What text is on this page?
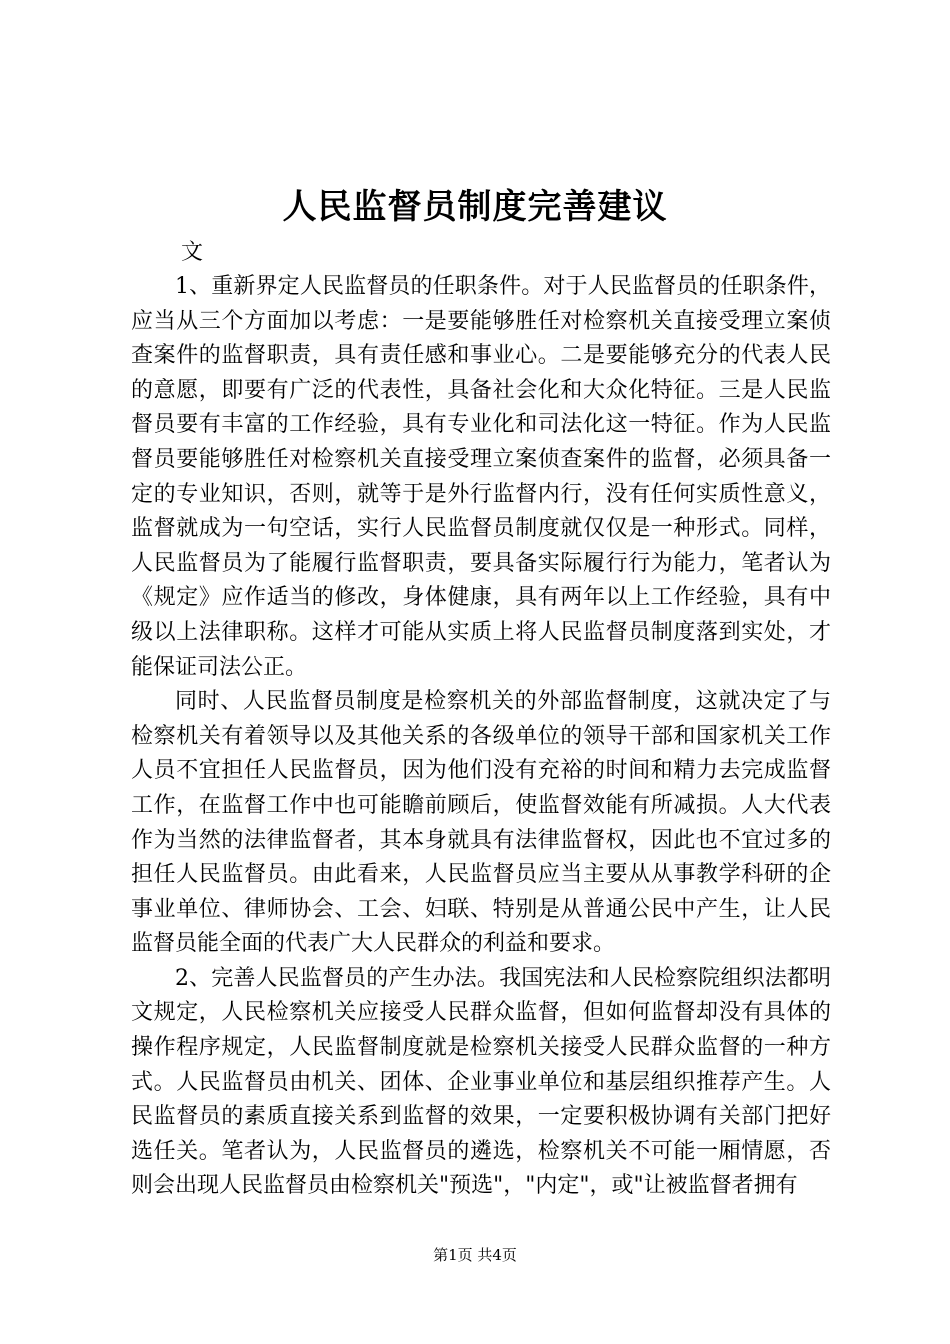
人民监督员制度完善建议
文

1、重新界定人民监督员的任职条件。对于人民监督员的任职条件，应当从三个方面加以考虑：一是要能够胜任对检察机关直接受理立案侦查案件的监督职责，具有责任感和事业心。二是要能够充分的代表人民的意愿，即要有广泛的代表性，具备社会化和大众化特征。三是人民监督员要有丰富的工作经验，具有专业化和司法化这一特征。作为人民监督员要能够胜任对检察机关直接受理立案侦查案件的监督，必须具备一定的专业知识，否则，就等于是外行监督内行，没有任何实质性意义，监督就成为一句空话，实行人民监督员制度就仅仅是一种形式。同样，人民监督员为了能履行监督职责，要具备实际履行行为能力，笔者认为《规定》应作适当的修改，身体健康，具有两年以上工作经验，具有中级以上法律职称。这样才可能从实质上将人民监督员制度落到实处，才能保证司法公正。

同时、人民监督员制度是检察机关的外部监督制度，这就决定了与检察机关有着领导以及其他关系的各级单位的领导干部和国家机关工作人员不宜担任人民监督员，因为他们没有充裕的时间和精力去完成监督工作，在监督工作中也可能瞻前顾后，使监督效能有所减损。人大代表作为当然的法律监督者，其本身就具有法律监督权，因此也不宜过多的担任人民监督员。由此看来，人民监督员应当主要从从事教学科研的企事业单位、律师协会、工会、妇联、特别是从普通公民中产生，让人民监督员能全面的代表广大人民群众的利益和要求。

2、完善人民监督员的产生办法。我国宪法和人民检察院组织法都明文规定，人民检察机关应接受人民群众监督，但如何监督却没有具体的操作程序规定，人民监督制度就是检察机关接受人民群众监督的一种方式。人民监督员由机关、团体、企业事业单位和基层组织推荐产生。人民监督员的素质直接关系到监督的效果，一定要积极协调有关部门把好选任关。笔者认为，人民监督员的遴选，检察机关不可能一厢情愿，否则会出现人民监督员由检察机关"预选"，"内定"，或"让被监督者拥有

第1页 共4页
